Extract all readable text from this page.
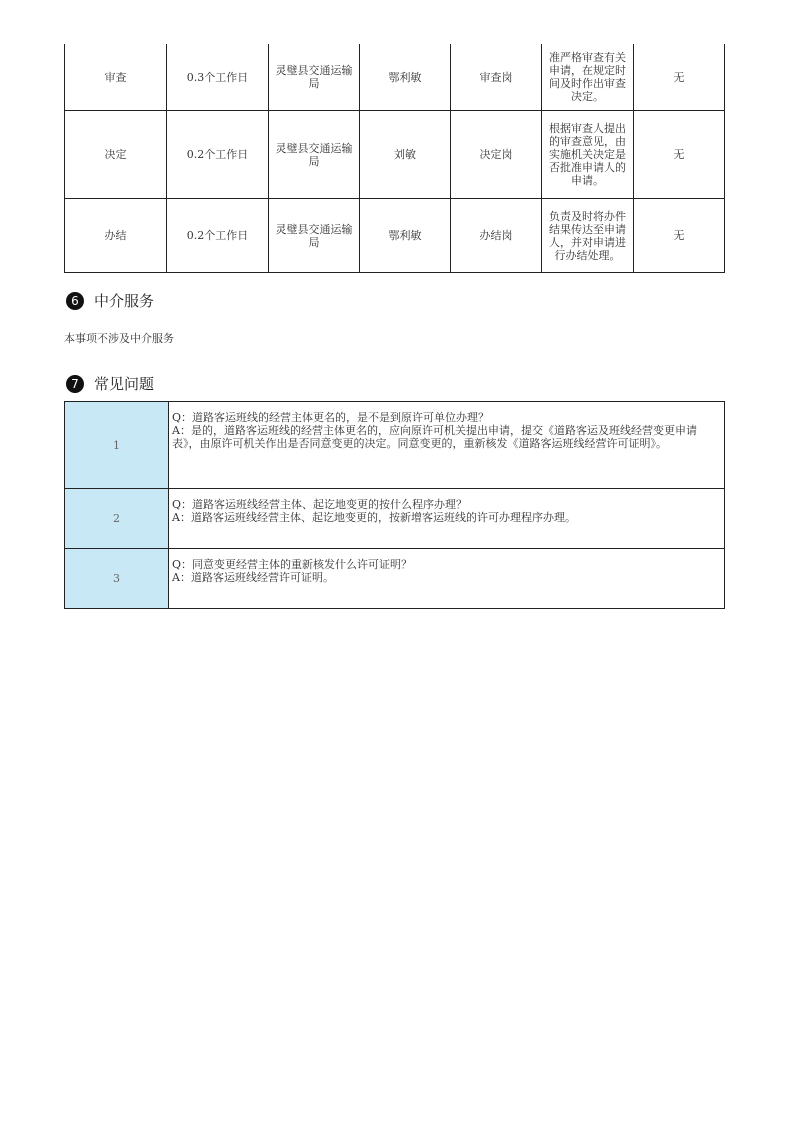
审查	0.3个工作日	灵璧县交通运输局	鄂利敏	审查岗	准严格审查有关申请，在规定时间及时作出审查决定。	无
决定	0.2个工作日	灵璧县交通运输局	刘敏	决定岗	根据审查人提出的审查意见，由实施机关决定是否批准申请人的申请。	无
办结	0.2个工作日	灵璧县交通运输局	鄂利敏	办结岗	负责及时将办件结果传达至申请人，并对申请进行办结处理。	无
6	中介服务
本事项不涉及中介服务
7	常见问题
1	Q：道路客运班线的经营主体更名的，是不是到原许可单位办理？
A：是的，道路客运班线的经营主体更名的，应向原许可机关提出申请，提交《道路客运及班线经营变更申请表》，由原许可机关作出是否同意变更的决定。同意变更的，重新核发《道路客运班线经营许可证明》。

2	Q：道路客运班线经营主体、起讫地变更的按什么程序办理？
A：道路客运班线经营主体、起讫地变更的，按新增客运班线的许可办理程序办理。

3	Q：同意变更经营主体的重新核发什么许可证明？
A：道路客运班线经营许可证明。
